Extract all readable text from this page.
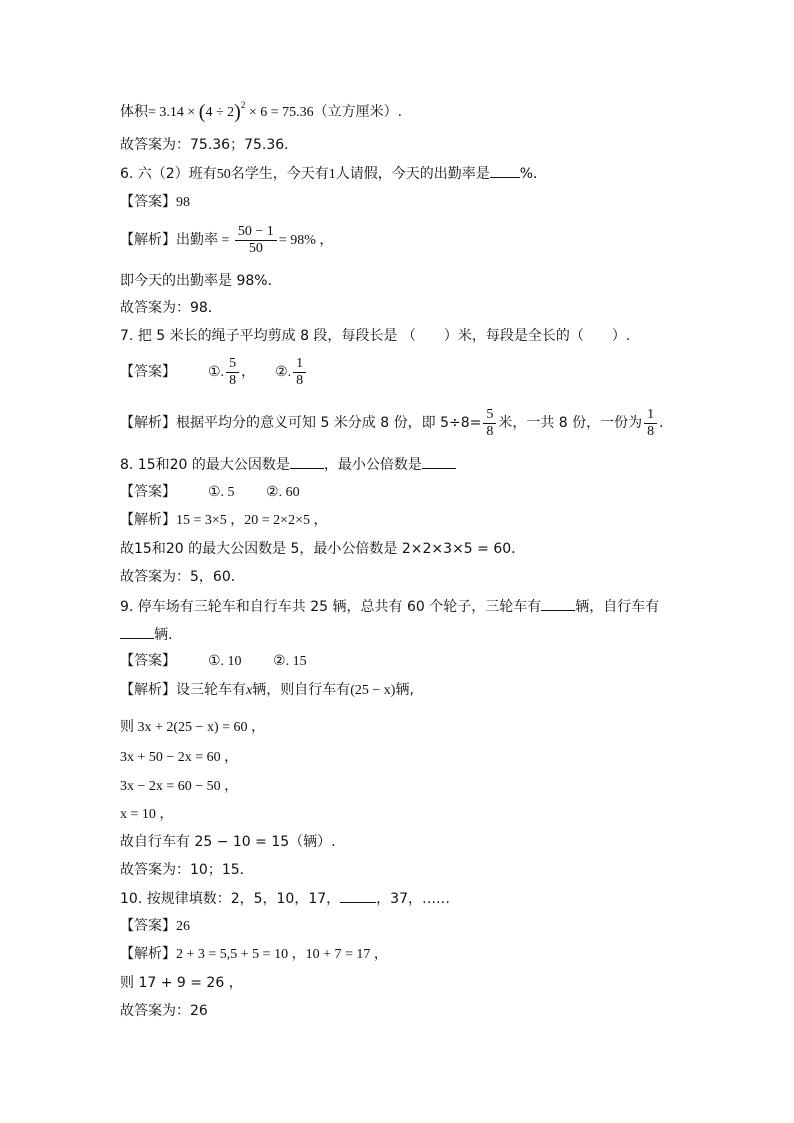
体积= $3.14 \times (4 \div 2)^2 \times 6 = 75.36$（立方厘米）.
故答案为：75.36；75.36．
6. 六（2）班有50名学生，今天有1人请假，今天的出勤率是 %．
【答案】98
【解析】出勤率 = $\frac{50 - 1}{50} = 98\%$ ，
即今天的出勤率是 98%．
故答案为：98．
7. 把 5 米长的绳子平均剪成 8 段，每段长是 （　　）米，每段是全长的（　　）.
【答案】 ①. $\frac{5}{8}$ ， ②. $\frac{1}{8}$
【解析】根据平均分的意义可知 5 米分成 8 份，即 $5\div 8= \frac{5}{8}$ 米，一共 8 份，一份为 $\frac{1}{8}$ .
8. 15和20 的最大公因数是 ，最小公倍数是
【答案】 ①. 5　　 ②. 60
【解析】15 = 3×5 ，20 = 2×2×5 ，
故15和20 的最大公因数是 5，最小公倍数是 2×2×3×5 = 60．
故答案为：5，60．
9. 停车场有三轮车和自行车共 25 辆，总共有 60 个轮子，三轮车有 辆，自行车有
辆.
【答案】 ①. 10　　 ②. 15
【解析】设三轮车有x辆，则自行车有(25 − x)辆,
则 3x + 2(25 − x) = 60 ，
3x + 50 − 2x = 60 ，
3x − 2x = 60 − 50 ，
x = 10 ，
故自行车有 25 − 10 = 15（辆）.
故答案为：10；15．
10. 按规律填数：2，5，10，17，	，37，……
【答案】26
【解析】2 + 3 = 5,5 + 5 = 10 ，10 + 7 = 17 ，
则 17 + 9 = 26 ，
故答案为：26
